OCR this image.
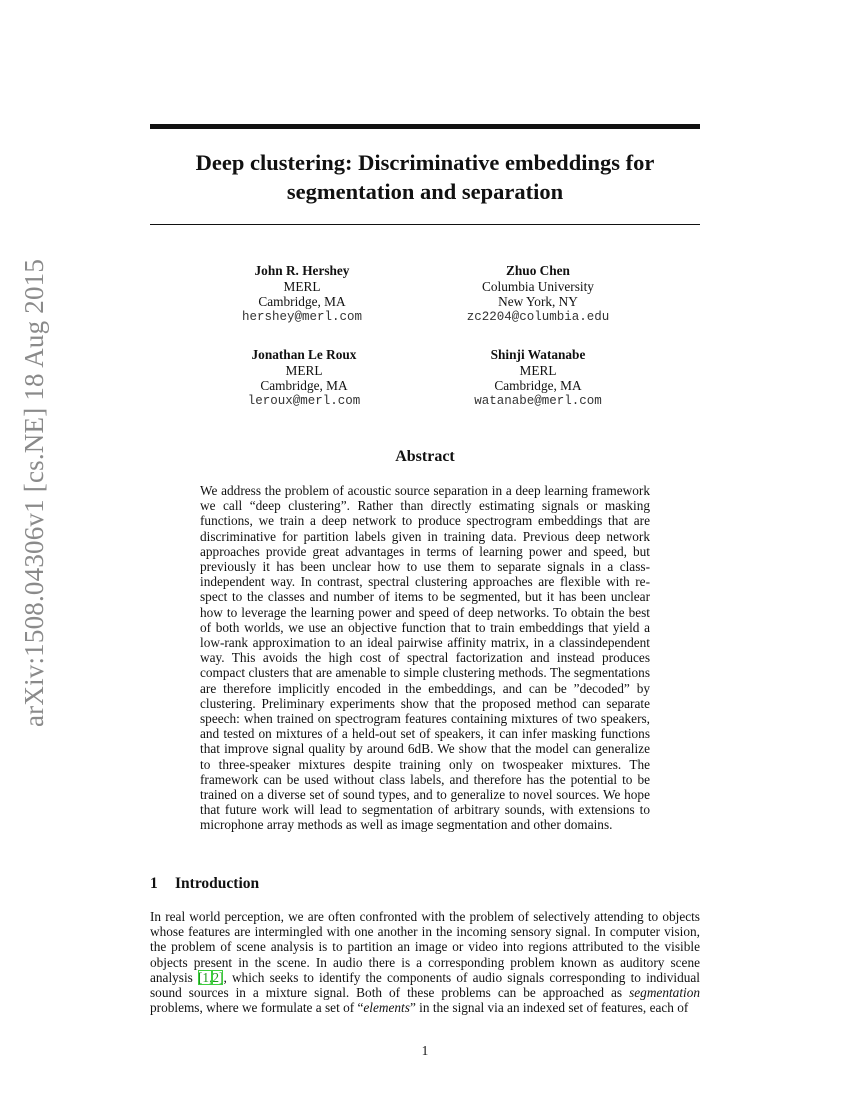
arXiv:1508.04306v1 [cs.NE] 18 Aug 2015
Deep clustering: Discriminative embeddings for
segmentation and separation
John R. Hershey
MERL
Cambridge, MA
hershey@merl.com
Zhuo Chen
Columbia University
New York, NY
zc2204@columbia.edu
Jonathan Le Roux
MERL
Cambridge, MA
leroux@merl.com
Shinji Watanabe
MERL
Cambridge, MA
watanabe@merl.com
Abstract
We address the problem of acoustic source separation in a deep learning framework we call “deep clustering”. Rather than directly estimating signals or masking functions, we train a deep network to produce spectrogram embeddings that are discriminative for partition labels given in training data. Previous deep network approaches provide great advantages in terms of learning power and speed, but previously it has been unclear how to use them to separate signals in a classindependent way. In contrast, spectral clustering approaches are flexible with respect to the classes and number of items to be segmented, but it has been unclear how to leverage the learning power and speed of deep networks. To obtain the best of both worlds, we use an objective function that to train embeddings that yield a low-rank approximation to an ideal pairwise affinity matrix, in a classindependent way. This avoids the high cost of spectral factorization and instead produces compact clusters that are amenable to simple clustering methods. The segmentations are therefore implicitly encoded in the embeddings, and can be ”decoded” by clustering. Preliminary experiments show that the proposed method can separate speech: when trained on spectrogram features containing mixtures of two speakers, and tested on mixtures of a held-out set of speakers, it can infer masking functions that improve signal quality by around 6dB. We show that the model can generalize to three-speaker mixtures despite training only on twospeaker mixtures. The framework can be used without class labels, and therefore has the potential to be trained on a diverse set of sound types, and to generalize to novel sources. We hope that future work will lead to segmentation of arbitrary sounds, with extensions to microphone array methods as well as image segmentation and other domains.
1 Introduction
In real world perception, we are often confronted with the problem of selectively attending to objects whose features are intermingled with one another in the incoming sensory signal. In computer vision, the problem of scene analysis is to partition an image or video into regions attributed to the visible objects present in the scene. In audio there is a corresponding problem known as auditory scene analysis [1,2], which seeks to identify the components of audio signals corresponding to individual sound sources in a mixture signal. Both of these problems can be approached as segmentation problems, where we formulate a set of “elements” in the signal via an indexed set of features, each of
1
